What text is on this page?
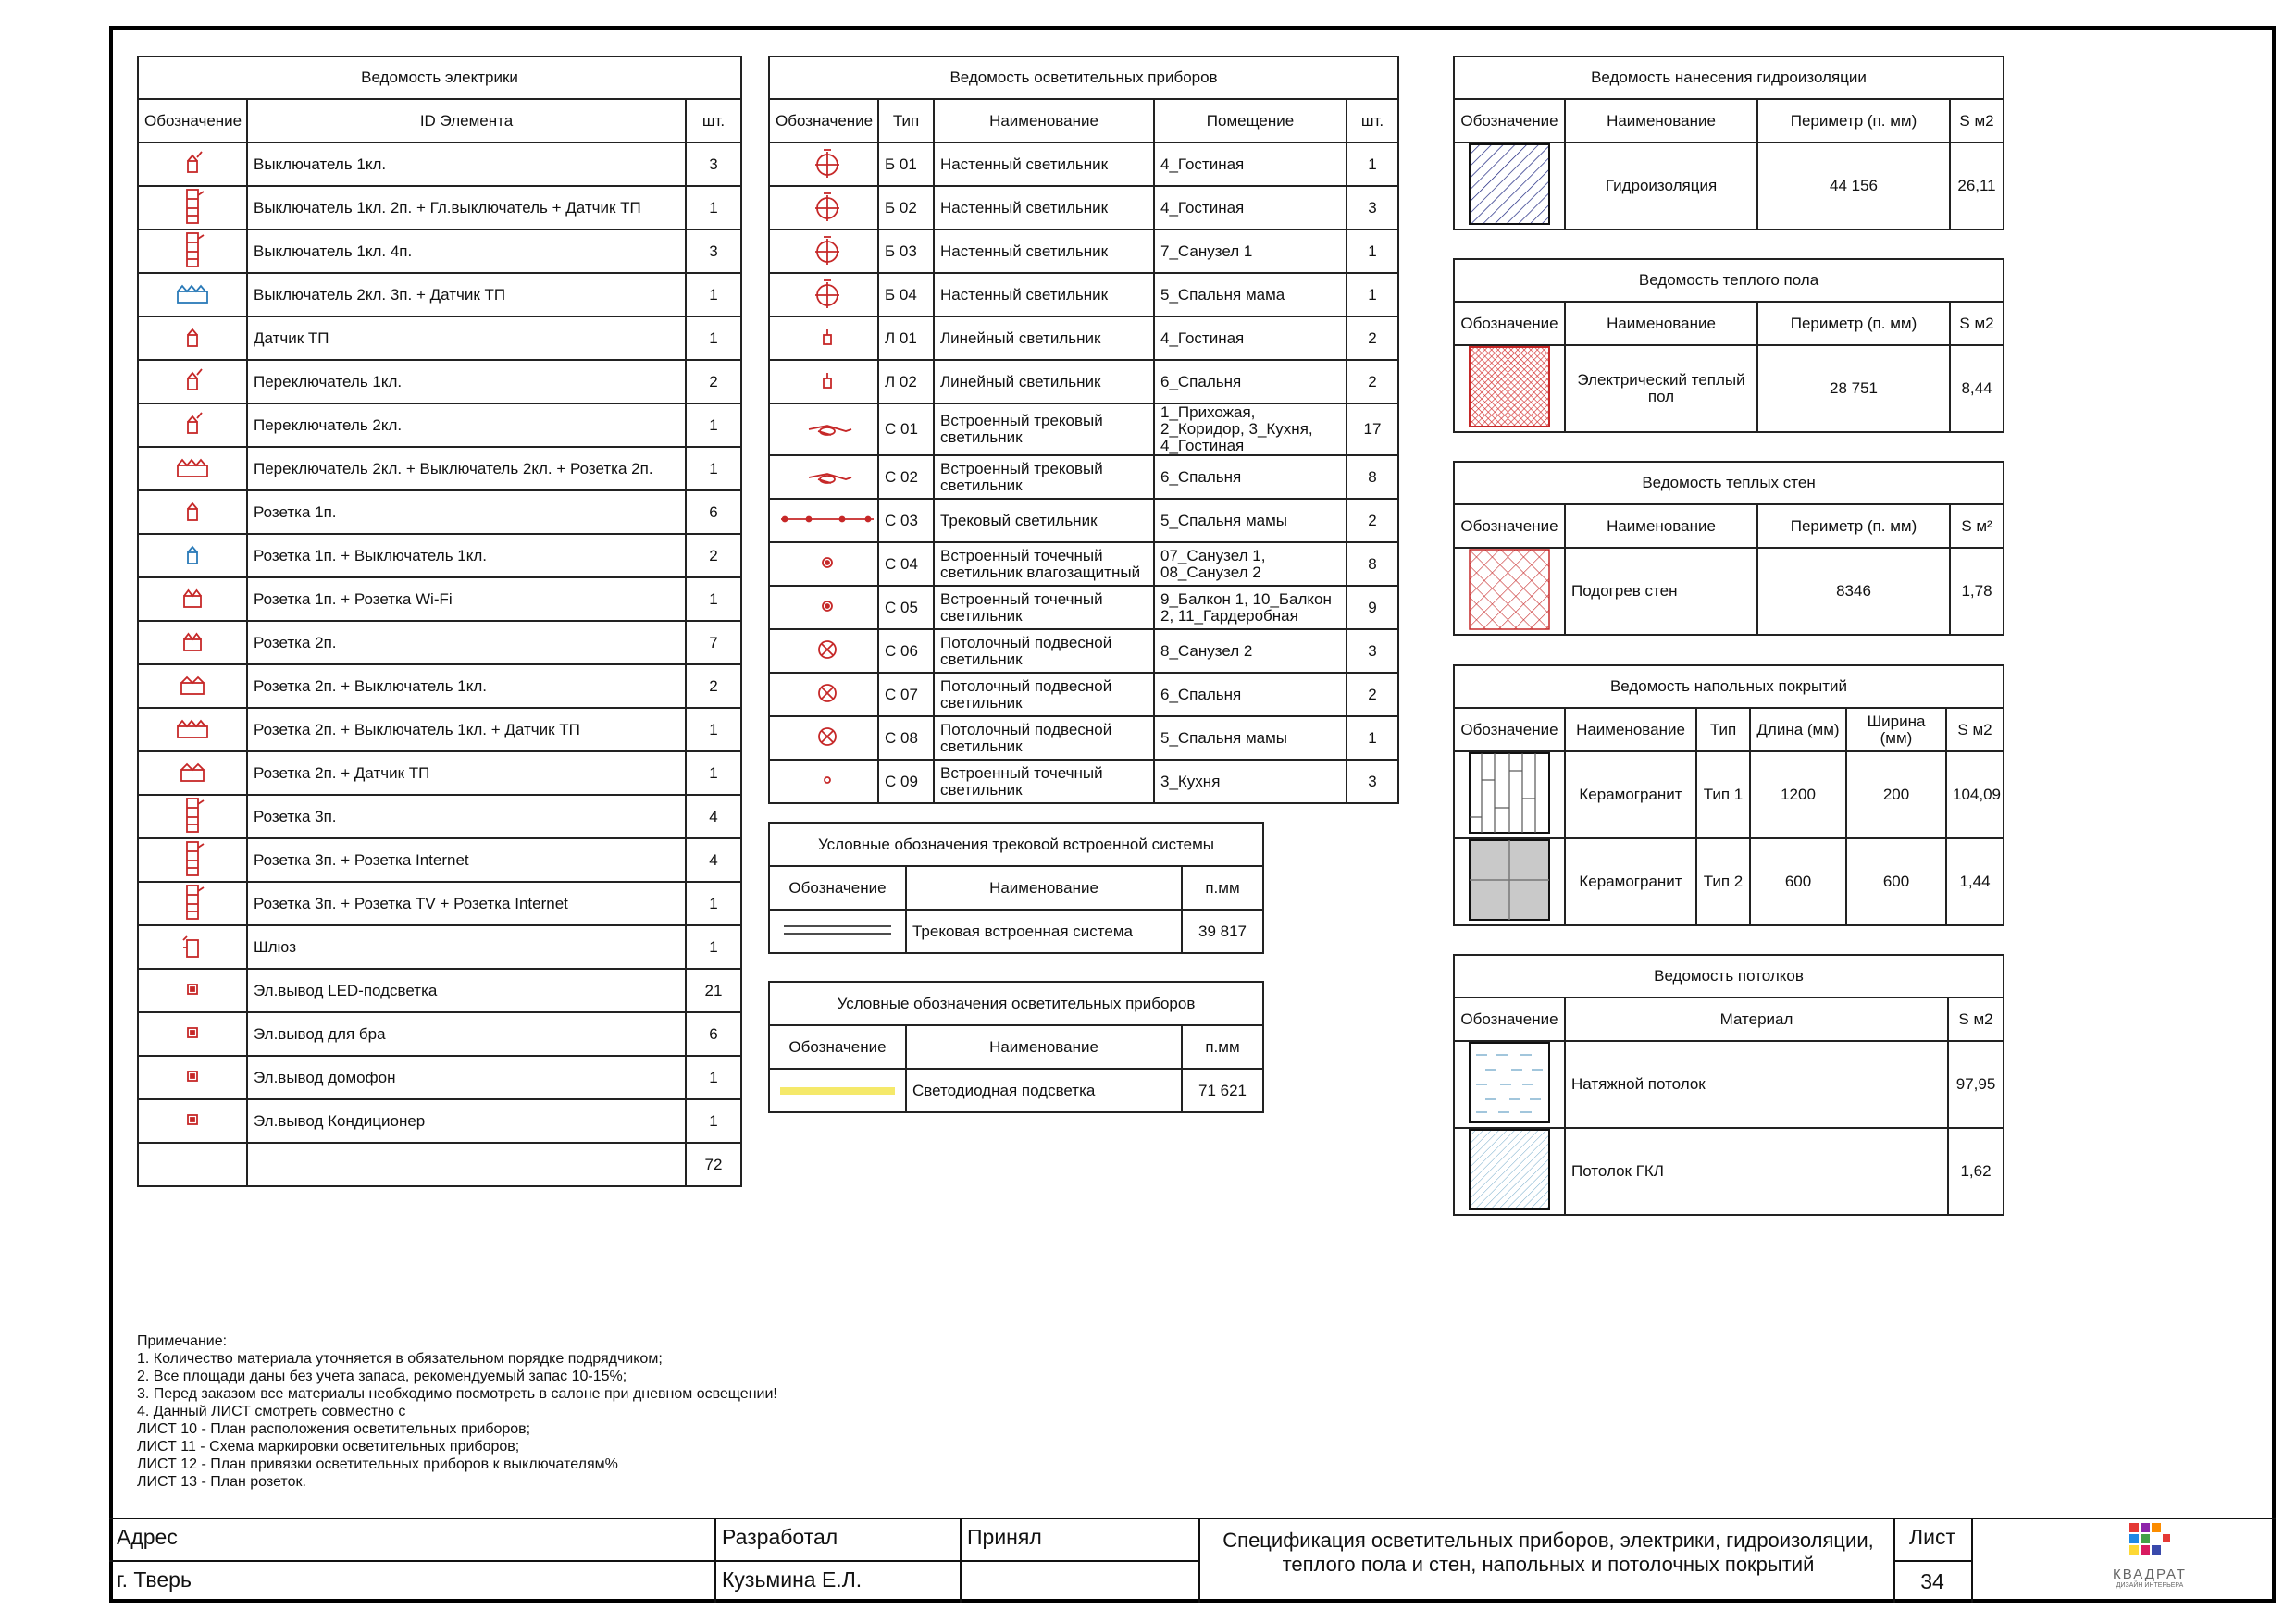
Ведомость электрики		
Обозначение	ID Элемента	шт.
	Выключатель 1кл.	3
	Выключатель 1кл. 2п. + Гл.выключатель + Датчик ТП	1
	Выключатель 1кл. 4п.	3
	Выключатель 2кл. 3п. + Датчик ТП	1
	Датчик ТП	1
	Переключатель 1кл.	2
	Переключатель 2кл.	1
	Переключатель 2кл. + Выключатель 2кл. + Розетка 2п.	1
	Розетка 1п.	6
	Розетка 1п. + Выключатель 1кл.	2
	Розетка 1п. + Розетка Wi-Fi	1
	Розетка 2п.	7
	Розетка 2п. + Выключатель 1кл.	2
	Розетка 2п. + Выключатель 1кл. + Датчик ТП	1
	Розетка 2п. + Датчик ТП	1
	Розетка 3п.	4
	Розетка 3п. + Розетка Internet	4
	Розетка 3п. + Розетка TV + Розетка Internet	1
	Шлюз	1
	Эл.вывод LED-подсветка	21
	Эл.вывод для бра	6
	Эл.вывод домофон	1
	Эл.вывод Кондиционер	1
		72
Ведомость осветительных приборов				
Обозначение	Тип	Наименование	Помещение	шт.
	Б 01	Настенный светильник	4_Гостиная	1
	Б 02	Настенный светильник	4_Гостиная	3
	Б 03	Настенный светильник	7_Санузел 1	1
	Б 04	Настенный светильник	5_Спальня мама	1
	Л 01	Линейный светильник	4_Гостиная	2
	Л 02	Линейный светильник	6_Спальня	2
	С 01	Встроенный трековый светильник	1_Прихожая, 2_Коридор, 3_Кухня, 4_Гостиная	17
	С 02	Встроенный трековый светильник	6_Спальня	8
	С 03	Трековый светильник	5_Спальня мамы	2
	С 04	Встроенный точечный светильник влагозащитный	07_Санузел 1, 08_Санузел 2	8
	С 05	Встроенный точечный светильник	9_Балкон 1, 10_Балкон 2, 11_Гардеробная	9
	С 06	Потолочный подвесной светильник	8_Санузел 2	3
	С 07	Потолочный подвесной светильник	6_Спальня	2
	С 08	Потолочный подвесной светильник	5_Спальня мамы	1
	С 09	Встроенный точечный светильник	3_Кухня	3
Условные обозначения трековой встроенной системы		
Обозначение	Наименование	п.мм
	Трековая встроенная система	39 817
Условные обозначения осветительных приборов		
Обозначение	Наименование	п.мм

	Светодиодная подсветка	71 621
Ведомость нанесения гидроизоляции			
Обозначение	Наименование	Периметр (п. мм)	S м2
	Гидроизоляция	44 156	26,11
Ведомость теплого пола			
Обозначение	Наименование	Периметр (п. мм)	S м2
	Электрический теплый пол	28 751	8,44
Ведомость теплых стен			
Обозначение	Наименование	Периметр (п. мм)	S м²
	Подогрев стен	8346	1,78
Ведомость напольных покрытий					
Обозначение	Наименование	Тип	Длина (мм)	Ширина (мм)	S м2
	Керамогранит	Тип 1	1200	200	104,09
	Керамогранит	Тип 2	600	600	1,44
Ведомость потолков		
Обозначение	Материал	S м2
	Натяжной потолок	97,95
	Потолок ГКЛ	1,62
Примечание:
1. Количество материала уточняется в обязательном порядке подрядчиком;
2. Все площади даны без учета запаса, рекомендуемый запас 10-15%;
3. Перед заказом все материалы необходимо посмотреть в салоне при дневном освещении!
4. Данный ЛИСТ смотреть совместно с
ЛИСТ 10 - План расположения осветительных приборов;
ЛИСТ 11 - Схема маркировки осветительных приборов;
ЛИСТ 12 - План привязки осветительных приборов к выключателям%
ЛИСТ 13 - План розеток.
Адрес
г. Тверь
Разработал
Кузьмина Е.Л.
Принял	Спецификация осветительных приборов, электрики, гидроизоляции, теплого пола и стен, напольных и потолочных покрытий
Лист
34	КВАДРАТ
ДИЗАЙН ИНТЕРЬЕРА
